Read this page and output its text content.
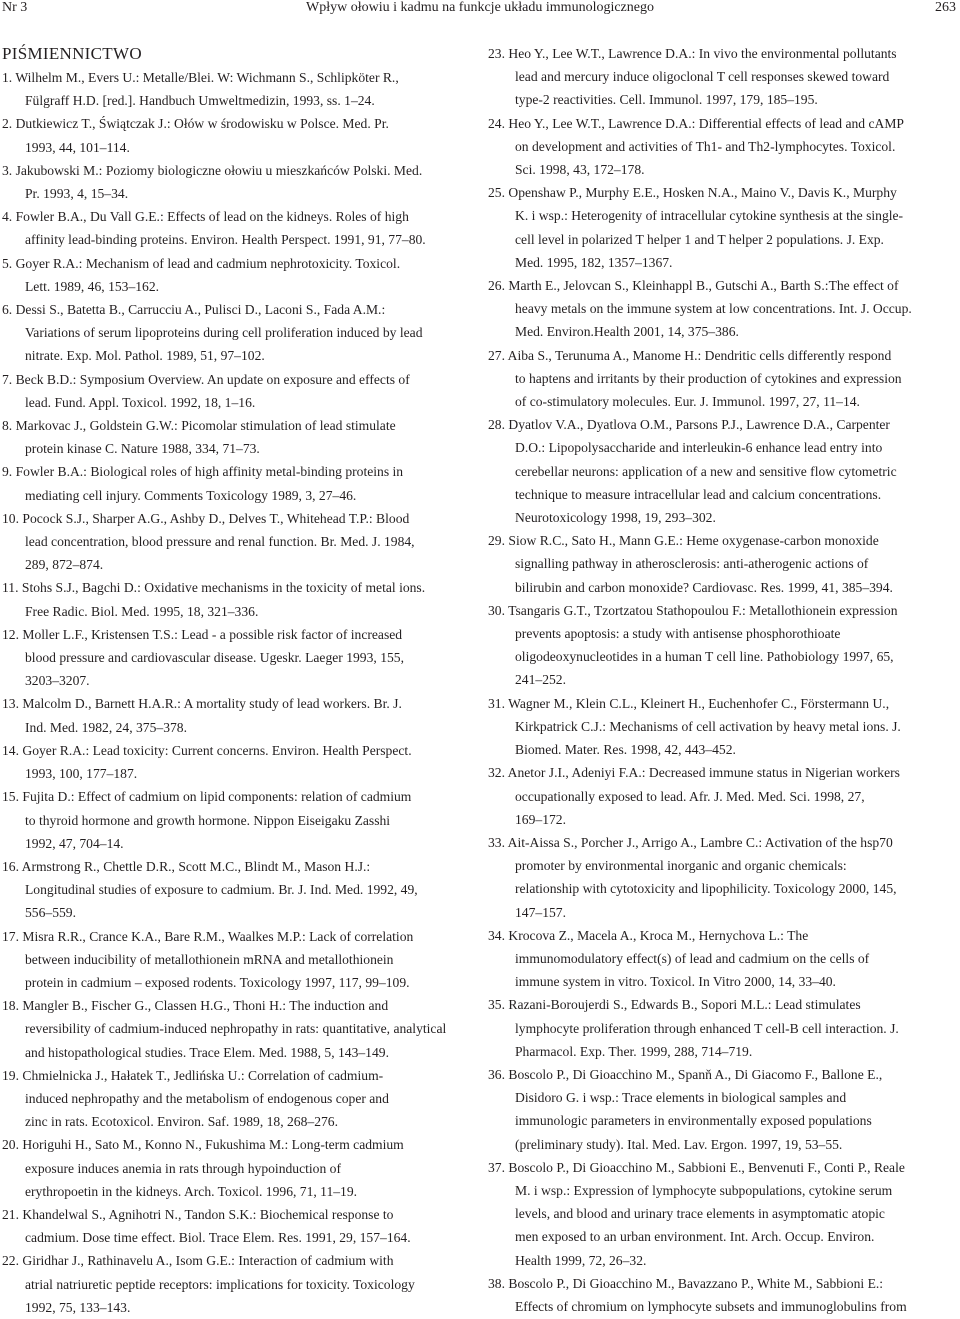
Nr 3	Wpływ ołowiu i kadmu na funkcje układu immunologicznego	263
PIŚMIENNICTWO
1. Wilhelm M., Evers U.: Metalle/Blei. W: Wichmann S., Schlipköter R.,
Fülgraff H.D. [red.]. Handbuch Umweltmedizin, 1993, ss. 1–24.
2. Dutkiewicz T., Świątczak J.: Ołów w środowisku w Polsce. Med. Pr.
1993, 44, 101–114.
3. Jakubowski M.: Poziomy biologiczne ołowiu u mieszkańców Polski. Med.
Pr. 1993, 4, 15–34.
4. Fowler B.A., Du Vall G.E.: Effects of lead on the kidneys. Roles of high
affinity lead-binding proteins. Environ. Health Perspect. 1991, 91, 77–80.
5. Goyer R.A.: Mechanism of lead and cadmium nephrotoxicity. Toxicol.
Lett. 1989, 46, 153–162.
6. Dessi S., Batetta B., Carrucciu A., Pulisci D., Laconi S., Fada A.M.:
Variations of serum lipoproteins during cell proliferation induced by lead
nitrate. Exp. Mol. Pathol. 1989, 51, 97–102.
7. Beck B.D.: Symposium Overview. An update on exposure and effects of
lead. Fund. Appl. Toxicol. 1992, 18, 1–16.
8. Markovac J., Goldstein G.W.: Picomolar stimulation of lead stimulate
protein kinase C. Nature 1988, 334, 71–73.
9. Fowler B.A.: Biological roles of high affinity metal-binding proteins in
mediating cell injury. Comments Toxicology 1989, 3, 27–46.
10. Pocock S.J., Sharper A.G., Ashby D., Delves T., Whitehead T.P.: Blood
lead concentration, blood pressure and renal function. Br. Med. J. 1984,
289, 872–874.
11. Stohs S.J., Bagchi D.: Oxidative mechanisms in the toxicity of metal ions.
Free Radic. Biol. Med. 1995, 18, 321–336.
12. Moller L.F., Kristensen T.S.: Lead - a possible risk factor of increased
blood pressure and cardiovascular disease. Ugeskr. Laeger 1993, 155,
3203–3207.
13. Malcolm D., Barnett H.A.R.: A mortality study of lead workers. Br. J.
Ind. Med. 1982, 24, 375–378.
14. Goyer R.A.: Lead toxicity: Current concerns. Environ. Health Perspect.
1993, 100, 177–187.
15. Fujita D.: Effect of cadmium on lipid components: relation of cadmium
to thyroid hormone and growth hormone. Nippon Eiseigaku Zasshi
1992, 47, 704–14.
16. Armstrong R., Chettle D.R., Scott M.C., Blindt M., Mason H.J.:
Longitudinal studies of exposure to cadmium. Br. J. Ind. Med. 1992, 49,
556–559.
17. Misra R.R., Crance K.A., Bare R.M., Waalkes M.P.: Lack of correlation
between inducibility of metallothionein mRNA and metallothionein
protein in cadmium – exposed rodents. Toxicology 1997, 117, 99–109.
18. Mangler B., Fischer G., Classen H.G., Thoni H.: The induction and
reversibility of cadmium-induced nephropathy in rats: quantitative, analytical
and histopathological studies. Trace Elem. Med. 1988, 5, 143–149.
19. Chmielnicka J., Hałatek T., Jedlińska U.: Correlation of cadmium-
induced nephropathy and the metabolism of endogenous coper and
zinc in rats. Ecotoxicol. Environ. Saf. 1989, 18, 268–276.
20. Horiguhi H., Sato M., Konno N., Fukushima M.: Long-term cadmium
exposure induces anemia in rats through hypoinduction of
erythropoetin in the kidneys. Arch. Toxicol. 1996, 71, 11–19.
21. Khandelwal S., Agnihotri N., Tandon S.K.: Biochemical response to
cadmium. Dose time effect. Biol. Trace Elem. Res. 1991, 29, 157–164.
22. Giridhar J., Rathinavelu A., Isom G.E.: Interaction of cadmium with
atrial natriuretic peptide receptors: implications for toxicity. Toxicology
1992, 75, 133–143.
23. Heo Y., Lee W.T., Lawrence D.A.: In vivo the environmental pollutants
lead and mercury induce oligoclonal T cell responses skewed toward
type-2 reactivities. Cell. Immunol. 1997, 179, 185–195.
24. Heo Y., Lee W.T., Lawrence D.A.: Differential effects of lead and cAMP
on development and activities of Th1- and Th2-lymphocytes. Toxicol.
Sci. 1998, 43, 172–178.
25. Openshaw P., Murphy E.E., Hosken N.A., Maino V., Davis K., Murphy
K. i wsp.: Heterogenity of intracellular cytokine synthesis at the single-
cell level in polarized T helper 1 and T helper 2 populations. J. Exp.
Med. 1995, 182, 1357–1367.
26. Marth E., Jelovcan S., Kleinhappl B., Gutschi A., Barth S.:The effect of
heavy metals on the immune system at low concentrations. Int. J. Occup.
Med. Environ.Health 2001, 14, 375–386.
27. Aiba S., Terunuma A., Manome H.: Dendritic cells differently respond
to haptens and irritants by their production of cytokines and expression
of co-stimulatory molecules. Eur. J. Immunol. 1997, 27, 11–14.
28. Dyatlov V.A., Dyatlova O.M., Parsons P.J., Lawrence D.A., Carpenter
D.O.: Lipopolysaccharide and interleukin-6 enhance lead entry into
cerebellar neurons: application of a new and sensitive flow cytometric
technique to measure intracellular lead and calcium concentrations.
Neurotoxicology 1998, 19, 293–302.
29. Siow R.C., Sato H., Mann G.E.: Heme oxygenase-carbon monoxide
signalling pathway in atherosclerosis: anti-atherogenic actions of
bilirubin and carbon monoxide? Cardiovasc. Res. 1999, 41, 385–394.
30. Tsangaris G.T., Tzortzatou Stathopoulou F.: Metallothionein expression
prevents apoptosis: a study with antisense phosphorothioate
oligodeoxynucleotides in a human T cell line. Pathobiology 1997, 65,
241–252.
31. Wagner M., Klein C.L., Kleinert H., Euchenhofer C., Förstermann U.,
Kirkpatrick C.J.: Mechanisms of cell activation by heavy metal ions. J.
Biomed. Mater. Res. 1998, 42, 443–452.
32. Anetor J.I., Adeniyi F.A.: Decreased immune status in Nigerian workers
occupationally exposed to lead. Afr. J. Med. Med. Sci. 1998, 27,
169–172.
33. Ait-Aissa S., Porcher J., Arrigo A., Lambre C.: Activation of the hsp70
promoter by environmental inorganic and organic chemicals:
relationship with cytotoxicity and lipophilicity. Toxicology 2000, 145,
147–157.
34. Krocova Z., Macela A., Kroca M., Hernychova L.: The
immunomodulatory effect(s) of lead and cadmium on the cells of
immune system in vitro. Toxicol. In Vitro 2000, 14, 33–40.
35. Razani-Boroujerdi S., Edwards B., Sopori M.L.: Lead stimulates
lymphocyte proliferation through enhanced T cell-B cell interaction. J.
Pharmacol. Exp. Ther. 1999, 288, 714–719.
36. Boscolo P., Di Gioacchino M., Spanň A., Di Giacomo F., Ballone E.,
Disidoro G. i wsp.: Trace elements in biological samples and
immunologic parameters in environmentally exposed populations
(preliminary study). Ital. Med. Lav. Ergon. 1997, 19, 53–55.
37. Boscolo P., Di Gioacchino M., Sabbioni E., Benvenuti F., Conti P., Reale
M. i wsp.: Expression of lymphocyte subpopulations, cytokine serum
levels, and blood and urinary trace elements in asymptomatic atopic
men exposed to an urban environment. Int. Arch. Occup. Environ.
Health 1999, 72, 26–32.
38. Boscolo P., Di Gioacchino M., Bavazzano P., White M., Sabbioni E.:
Effects of chromium on lymphocyte subsets and immunoglobulins from
